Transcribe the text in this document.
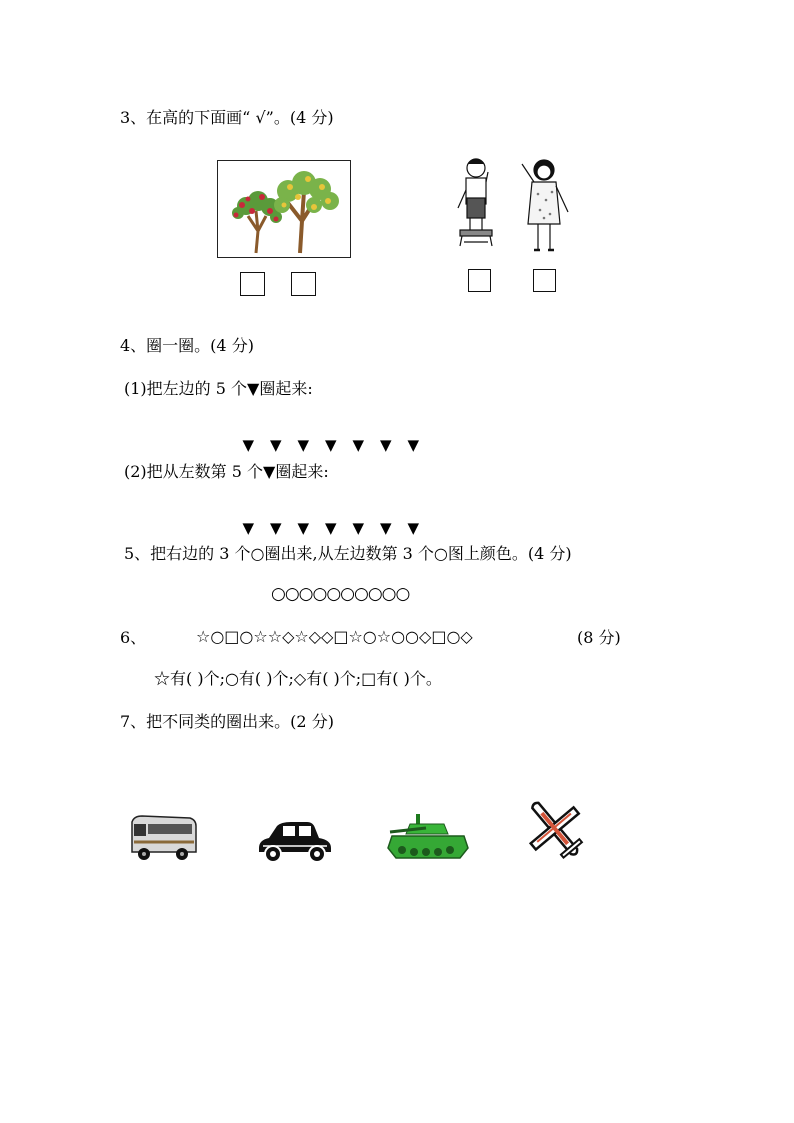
3、在高的下面画“ √”。(4 分)
4、圈一圈。(4 分)
(1)把左边的 5 个▼圈起来:

▼ ▼ ▼ ▼ ▼ ▼ ▼

(2)把从左数第 5 个▼圈起来:

▼ ▼ ▼ ▼ ▼ ▼ ▼

5、把右边的 3 个○圈出来,从左边数第 3 个○图上颜色。(4 分)
○○○○○○○○○○
6、	☆○□○☆☆◇☆◇◇□☆○☆○○◇□○◇	(8 分)
☆有( )个;○有( )个;◇有( )个;□有( )个。
7、把不同类的圈出来。(2 分)
